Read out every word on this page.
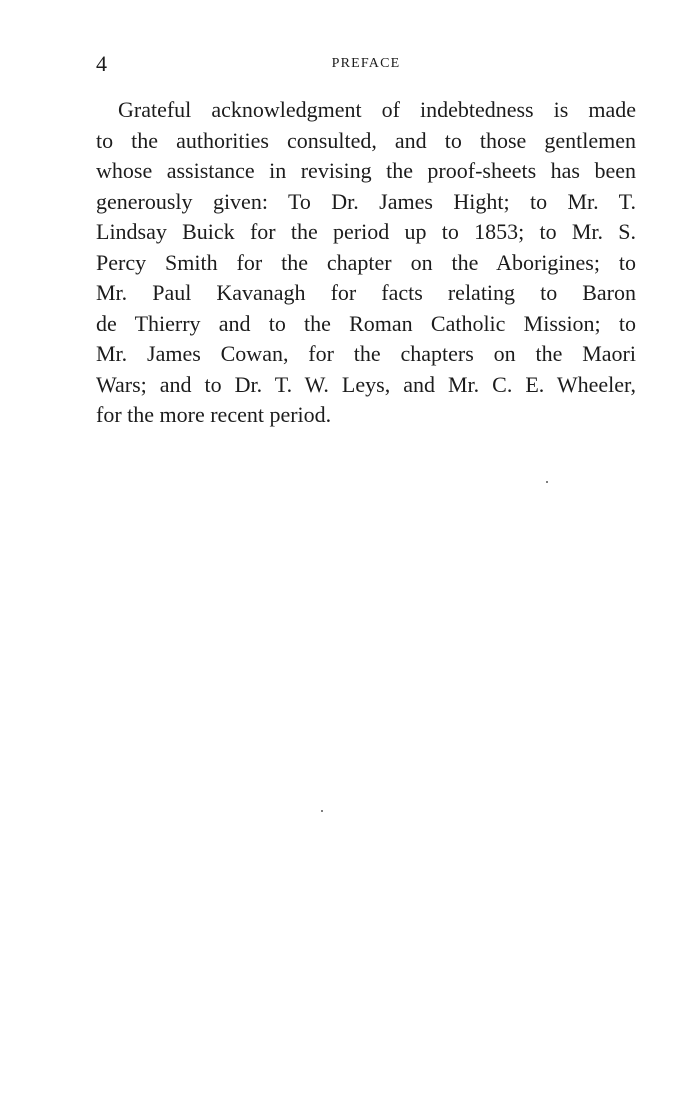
4	PREFACE

Grateful acknowledgment of indebtedness is made
to the authorities consulted, and to those gentlemen
whose assistance in revising the proof-sheets has been
generously given: To Dr. James Hight; to Mr. T.
Lindsay Buick for the period up to 1853; to Mr. S.
Percy Smith for the chapter on the Aborigines; to
Mr. Paul Kavanagh for facts relating to Baron
de Thierry and to the Roman Catholic Mission; to
Mr. James Cowan, for the chapters on the Maori
Wars; and to Dr. T. W. Leys, and Mr. C. E. Wheeler,
for the more recent period.
